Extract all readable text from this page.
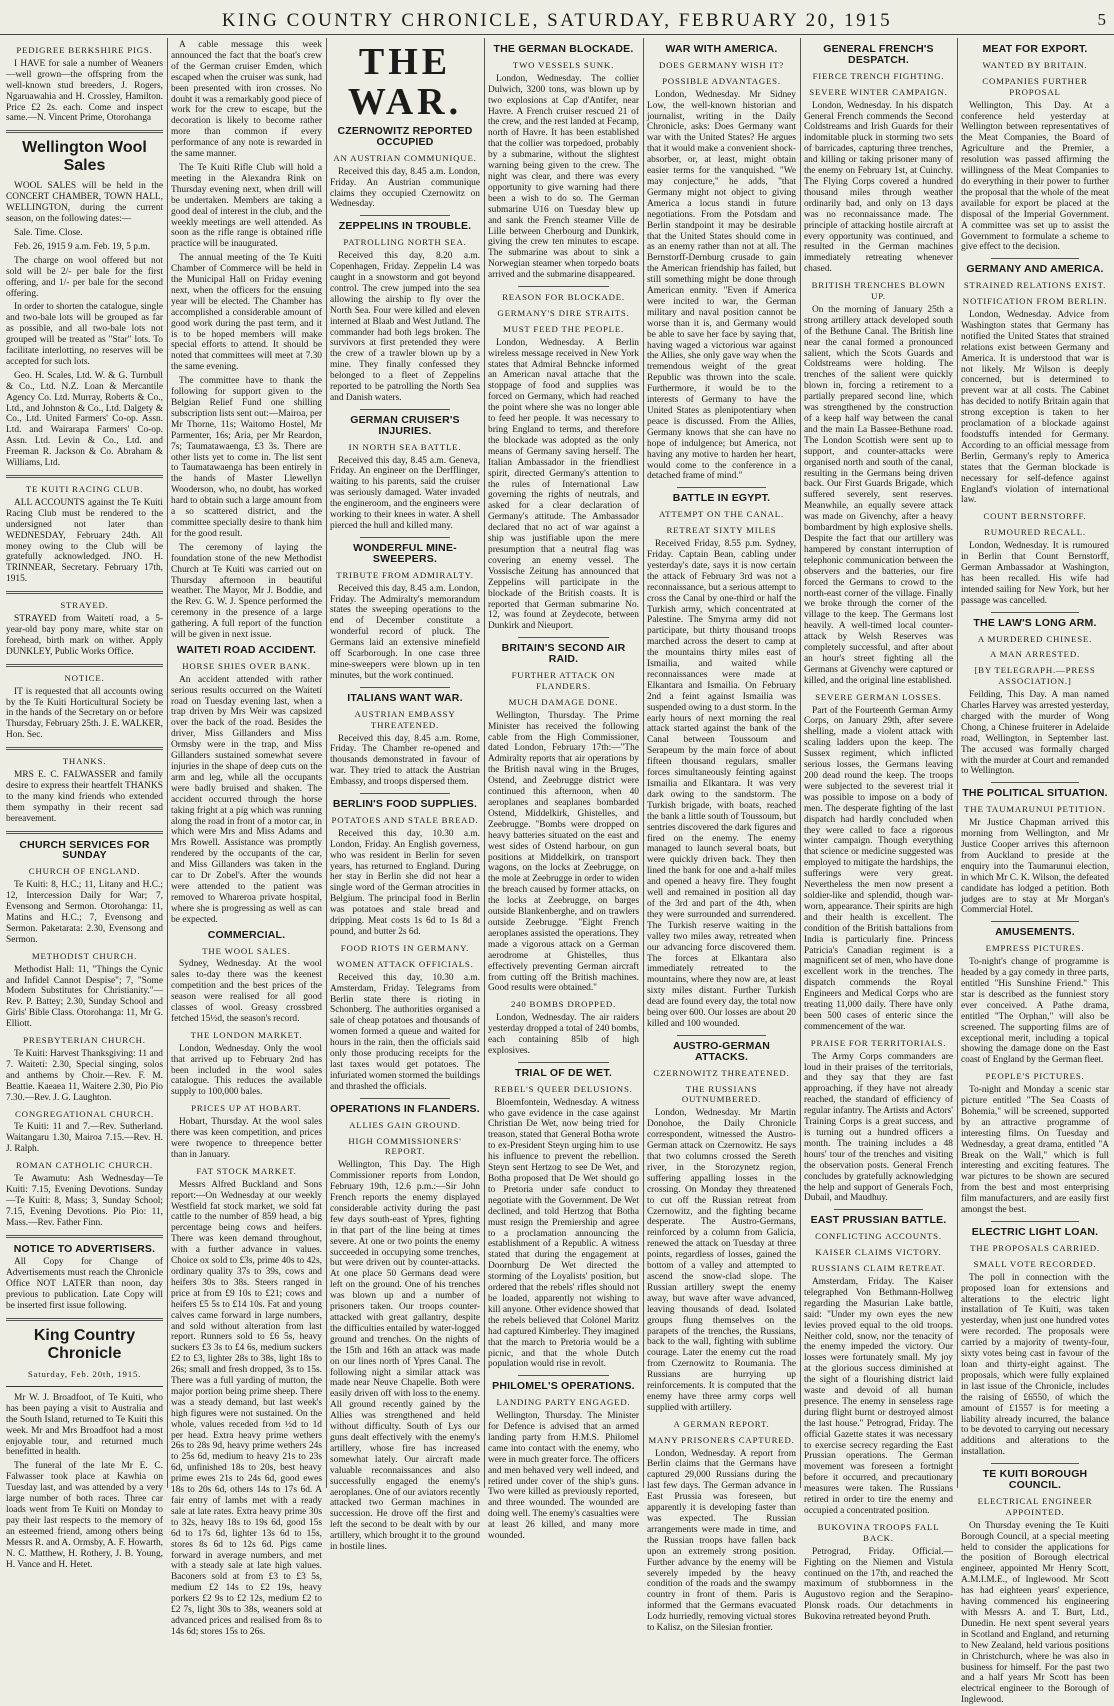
KING COUNTRY CHRONICLE, SATURDAY, FEBRUARY 20, 1915	5
PEDIGREE BERKSHIRE PIGS.
I HAVE for sale a number of Weaners—well grown—the offspring from the well-known stud breeders, J. Rogers, Ngaruawahia and H. Crossley, Hamilton. Price £2 2s. each. Come and inspect same.—N. Vincent Prime, Otorohanga
Wellington Wool Sales
WOOL SALES will be held in the CONCERT CHAMBER, TOWN HALL, WELLINGTON, during the current season, on the following dates:—
Sale. Time. Close.
Feb. 26, 1915 9 a.m. Feb. 19, 5 p.m.
The charge on wool offered but not sold will be 2/- per bale for the first offering, and 1/- per bale for the second offering.
In order to shorten the catalogue, single and two-bale lots will be grouped as far as possible, and all two-bale lots not grouped will be treated as "Star" lots. To facilitate interlotting, no reserves will be accepted for such lots.
Geo. H. Scales, Ltd. W. & G. Turnbull & Co., Ltd. N.Z. Loan & Mercantile Agency Co. Ltd. Murray, Roberts & Co., Ltd., and Johnston & Co., Ltd. Dalgety & Co., Ltd. United Farmers' Co-op. Assn. Ltd. and Wairarapa Farmers' Co-op. Assn. Ltd. Levin & Co., Ltd. and Freeman R. Jackson & Co. Abraham & Williams, Ltd.
TE KUITI RACING CLUB.
ALL ACCOUNTS against the Te Kuiti Racing Club must be rendered to the undersigned not later than WEDNESDAY, February 24th. All money owing to the Club will be gratefully acknowledged. JNO. H. TRINNEAR, Secretary. February 17th, 1915.
STRAYED.
STRAYED from Waitetí road, a 5-year-old bay pony mare, white star on forehead, birth mark on wither. Apply DUNKLEY, Public Works Office.
NOTICE.
IT is requested that all accounts owing by the Te Kuiti Horticultural Society be in the hands of the Secretary on or before Thursday, February 25th. J. E. WALKER, Hon. Sec.
THANKS.
MRS E. C. FALWASSER and family desire to express their heartfelt THANKS to the many kind friends who extended them sympathy in their recent sad bereavement.
CHURCH SERVICES FOR SUNDAY
CHURCH OF ENGLAND.
Te Kuiti: 8, H.C.; 11, Litany and H.C.; 12, Intercession Daily for War; 7, Evensong and Sermon. Otorohanga: 11, Matins and H.C.; 7, Evensong and Sermon. Paketarata: 2.30, Evensong and Sermon.
METHODIST CHURCH.
Methodist Hall: 11, "Things the Cynic and Infidel Cannot Despise"; 7, "Some Modern Substitutes for Christianity."—Rev. P. Battey; 2.30, Sunday School and Girls' Bible Class. Otorohanga: 11, Mr G. Elliott.
PRESBYTERIAN CHURCH.
Te Kuiti: Harvest Thanksgiving: 11 and 7. Waitetí: 2.30, Special singing, solos and anthems by Choir.—Rev. F. M. Beattie. Kaeaea 11, Waitere 2.30, Pio Pio 7.30.—Rev. J. G. Laughton.
CONGREGATIONAL CHURCH.
Te Kuiti: 11 and 7.—Rev. Sutherland. Waitangaru 1.30, Mairoa 7.15.—Rev. H. J. Ralph.
ROMAN CATHOLIC CHURCH.
Te Awamutu: Ash Wednesday—Te Kuiti: 7.15, Evening Devotions. Sunday—Te Kuiti: 8, Mass; 3, Sunday School; 7.15, Evening Devotions. Pio Pio: 11, Mass.—Rev. Father Finn.
NOTICE TO ADVERTISERS.
All Copy for Change of Advertisements must reach the Chronicle Office NOT LATER than noon, day previous to publication. Late Copy will be inserted first issue following.
King Country Chronicle
Saturday, Feb. 20th, 1915.
Mr W. J. Broadfoot, of Te Kuiti, who has been paying a visit to Australia and the South Island, returned to Te Kuiti this week. Mr and Mrs Broadfoot had a most enjoyable tour, and returned much benefitted in health.
The funeral of the late Mr E. C. Falwasser took place at Kawhia on Tuesday last, and was attended by a very large number of both races. Three car loads went from Te Kuiti on Monday to pay their last respects to the memory of an esteemed friend, among others being Messrs R. and A. Ormsby, A. F. Howarth, N. C. Matthew, H. Rothery, J. B. Young, H. Vance and H. Hetet.
A cable message this week announced the fact that the boat's crew of the German cruiser Emden, which escaped when the cruiser was sunk, had been presented with iron crosses. No doubt it was a remarkably good piece of work for the crew to escape, but the decoration is likely to become rather more than common if every performance of any note is rewarded in the same manner.
The Te Kuiti Rifle Club will hold a meeting in the Alexandra Rink on Thursday evening next, when drill will be undertaken. Members are taking a good deal of interest in the club, and the weekly meetings are well attended. As soon as the rifle range is obtained rifle practice will be inaugurated.
The annual meeting of the Te Kuiti Chamber of Commerce will be held in the Municipal Hall on Friday evening next, when the officers for the ensuing year will be elected. The Chamber has accomplished a considerable amount of good work during the past term, and it is to be hoped members will make special efforts to attend. It should be noted that committees will meet at 7.30 the same evening.
The committee have to thank the following for support given to the Belgian Relief Fund one shilling subscription lists sent out:—Mairoa, per Mr Thorne, 11s; Waitomo Hostel, Mr Parmenter, 16s; Aria, per Mr Reardon, 7s; Taumatawaenga, £3 3s. There are other lists yet to come in. The list sent to Taumatawaenga has been entirely in the hands of Master Llewellyn Wooderson, who, no doubt, has worked hard to obtain such a large amount from a so scattered district, and the committee specially desire to thank him for the good result.
The ceremony of laying the foundation stone of the new Methodist Church at Te Kuiti was carried out on Thursday afternoon in beautiful weather. The Mayor, Mr J. Boddie, and the Rev. G. W. J. Spence performed the ceremony in the presence of a large gathering. A full report of the function will be given in next issue.
WAITETI ROAD ACCIDENT.
HORSE SHIES OVER BANK.
An accident attended with rather serious results occurred on the Waitetí road on Tuesday evening last, when a trap driven by Mrs Weir was capsized over the back of the road. Besides the driver, Miss Gillanders and Miss Ormsby were in the trap, and Miss Gillanders sustained somewhat severe injuries in the shape of deep cuts on the arm and leg, while all the occupants were badly bruised and shaken. The accident occurred through the horse taking fright at a pig which was running along the road in front of a motor car, in which were Mrs and Miss Adams and Mrs Rowell. Assistance was promptly rendered by the occupants of the car, and Miss Gillanders was taken in the car to Dr Zobel's. After the wounds were attended to the patient was removed to Whareroa private hospital, where she is progressing as well as can be expected.
COMMERCIAL.
THE WOOL SALES.
Sydney, Wednesday. At the wool sales to-day there was the keenest competition and the best prices of the season were realised for all good classes of wool. Greasy crossbred fetched 15½d, the season's record.
THE LONDON MARKET.
London, Wednesday. Only the wool that arrived up to February 2nd has been included in the wool sales catalogue. This reduces the available supply to 100,000 bales.
PRICES UP AT HOBART.
Hobart, Thursday. At the wool sales there was keen competition, and prices were twopence to threepence better than in January.
FAT STOCK MARKET.
Messrs Alfred Buckland and Sons report:—On Wednesday at our weekly Westfield fat stock market, we sold fat cattle to the number of 859 head, a big percentage being cows and heifers. There was keen demand throughout, with a further advance in values. Choice ox sold to £3s, prime 40s to 42s, ordinary quality 37s to 39s, cows and heifers 30s to 38s. Steers ranged in price at from £9 10s to £21; cows and heifers £5 5s to £14 10s. Fat and young calves came forward in large numbers, and sold without alteration from last report. Runners sold to £6 5s, heavy suckers £3 3s to £4 6s, medium suckers £2 to £3, lighter 28s to 38s, light 18s to 26s; small and fresh dropped, 3s to 15s. There was a full yarding of mutton, the major portion being prime sheep. There was a steady demand, but last week's high figures were not sustained. On the whole, values receded from ½d to 1d per head. Extra heavy prime wethers 26s to 28s 9d, heavy prime wethers 24s to 25s 6d, medium to heavy 21s to 23s 6d, unfinished 18s to 20s, best heavy prime ewes 21s to 24s 6d, good ewes 18s to 20s 6d, others 14s to 17s 6d. A fair entry of lambs met with a ready sale at late rates. Extra heavy prime 30s to 32s, heavy 18s to 19s 6d, good 15s 6d to 17s 6d, lighter 13s 6d to 15s, stores 8s 6d to 12s 6d. Pigs came forward in average numbers, and met with a steady sale at late high values. Baconers sold at from £3 to £3 5s, medium £2 14s to £2 19s, heavy porkers £2 9s to £2 12s, medium £2 to £2 7s, light 30s to 38s, weaners sold at advanced prices and realised from 8s to 14s 6d; stores 15s to 26s.
THE WAR.
CZERNOWITZ REPORTED OCCUPIED
AN AUSTRIAN COMMUNIQUE.
Received this day, 8.45 a.m. London, Friday. An Austrian communique claims they occupied Czernowitz on Wednesday.
ZEPPELINS IN TROUBLE.
PATROLLING NORTH SEA.
Received this day, 8.20 a.m. Copenhagen, Friday. Zeppelin L4 was caught in a snowstorm and got beyond control. The crew jumped into the sea allowing the airship to fly over the North Sea. Four were killed and eleven interned at Blaab and West Jutland. The commander had both legs broken. The survivors at first pretended they were the crew of a trawler blown up by a mine. They finally confessed they belonged to a fleet of Zeppelins reported to be patrolling the North Sea and Danish waters.
GERMAN CRUISER'S INJURIES.
IN NORTH SEA BATTLE.
Received this day, 8.45 a.m. Geneva, Friday. An engineer on the Derfflinger, waiting to his parents, said the cruiser was seriously damaged. Water invaded the engineroom, and the engineers were working to their knees in water. A shell pierced the hull and killed many.
WONDERFUL MINE-SWEEPERS.
TRIBUTE FROM ADMIRALTY.
Received this day, 8.45 a.m. London, Friday. The Admiralty's memorandum states the sweeping operations to the end of December constitute a wonderful record of pluck. The Germans laid an extensive minefield off Scarborough. In one case three mine-sweepers were blown up in ten minutes, but the work continued.
ITALIANS WANT WAR.
AUSTRIAN EMBASSY THREATENED.
Received this day, 8.45 a.m. Rome, Friday. The Chamber re-opened and thousands demonstrated in favour of war. They tried to attack the Austrian Embassy, and troops dispersed them.
BERLIN'S FOOD SUPPLIES.
POTATOES AND STALE BREAD.
Received this day, 10.30 a.m. London, Friday. An English governess, who was resident in Berlin for seven years, has returned to England. During her stay in Berlin she did not hear a single word of the German atrocities in Belgium. The principal food in Berlin was potatoes and stale bread and dripping. Meat costs 1s 6d to 1s 8d a pound, and butter 2s 6d.
FOOD RIOTS IN GERMANY.
WOMEN ATTACK OFFICIALS.
Received this day, 10.30 a.m. Amsterdam, Friday. Telegrams from Berlin state there is rioting in Schonberg. The authorities organised a sale of cheap potatoes and thousands of women formed a queue and waited for hours in the rain, then the officials said only those producing receipts for the last taxes would get potatoes. The infuriated women stormed the buildings and thrashed the officials.
OPERATIONS IN FLANDERS.
ALLIES GAIN GROUND.
HIGH COMMISSIONERS' REPORT.
Wellington, This Day. The High Commissioner reports from London, February 19th, 12.6 p.m.:—Sir John French reports the enemy displayed considerable activity during the past few days south-east of Ypres, fighting in that part of the line being at times severe. At one or two points the enemy succeeded in occupying some trenches, but were driven out by counter-attacks. At one place 50 Germans dead were left on the ground. One of his trenches was blown up and a number of prisoners taken. Our troops counter-attacked with great gallantry, despite the difficulties entailed by water-logged ground and trenches. On the nights of the 15th and 16th an attack was made on our lines north of Ypres Canal. The following night a similar attack was made near Neuve Chapelle. Both were easily driven off with loss to the enemy. All ground recently gained by the Allies was strengthened and held without difficulty. South of Lys our guns dealt effectively with the enemy's artillery, whose fire has increased somewhat lately. Our aircraft made valuable reconnaissances and also successfully engaged the enemy's aeroplanes. One of our aviators recently attacked two German machines in succession. He drove off the first and left the second to be dealt with by our artillery, which brought it to the ground in hostile lines.
THE GERMAN BLOCKADE.
TWO VESSELS SUNK.
London, Wednesday. The collier Dulwich, 3200 tons, was blown up by two explosions at Cap d'Antifer, near Havre. A French cruiser rescued 21 of the crew, and the rest landed at Fecamp, north of Havre. It has been established that the collier was torpedoed, probably by a submarine, without the slightest warning being given to the crew. The night was clear, and there was every opportunity to give warning had there been a wish to do so. The German submarine U16 on Tuesday blew up and sank the French steamer Ville de Lille between Cherbourg and Dunkirk, giving the crew ten minutes to escape. The submarine was about to sink a Norwegian steamer when torpedo boats arrived and the submarine disappeared.
REASON FOR BLOCKADE.
GERMANY'S DIRE STRAITS.
MUST FEED THE PEOPLE.
London, Wednesday. A Berlin wireless message received in New York states that Admiral Behncke informed an American naval attache that the stoppage of food and supplies was forced on Germany, which had reached the point where she was no longer able to feed her people. It was necessary to bring England to terms, and therefore the blockade was adopted as the only means of Germany saving herself. The Italian Ambassador in the friendliest spirit, directed Germany's attention to the rules of International Law governing the rights of neutrals, and asked for a clear declaration of Germany's attitude. The Ambassador declared that no act of war against a ship was justifiable upon the mere presumption that a neutral flag was covering an enemy vessel. The Vossische Zeitung has announced that Zeppelins will participate in the blockade of the British coasts. It is reported that German submarine No. 12, was found at Zeydecote, between Dunkirk and Nieuport.
BRITAIN'S SECOND AIR RAID.
FURTHER ATTACK ON FLANDERS.
MUCH DAMAGE DONE.
Wellington, Thursday. The Prime Minister has received the following cable from the High Commissioner, dated London, February 17th:—"The Admiralty reports that air operations by the British naval wing in the Bruges, Ostend, and Zeebrugge district were continued this afternoon, when 40 aeroplanes and seaplanes bombarded Ostend, Middelkirk, Ghistelles, and Zeebrugge. "Bombs were dropped on heavy batteries situated on the east and west sides of Ostend harbour, on gun positions at Middelkirk, on transport wagons, on the locks at Zeebrugge, on the mole at Zeebrugge in order to widen the breach caused by former attacks, on the locks at Zeebrugge, on barges outside Blankenberghe, and on trawlers outside Zeebrugge. "Eight French aeroplanes assisted the operations. They made a vigorous attack on a German aerodrome at Ghistelles, thus effectively preventing German aircraft from cutting off the British machines. Good results were obtained."
240 BOMBS DROPPED.
London, Wednesday. The air raiders yesterday dropped a total of 240 bombs, each containing 85lb of high explosives.
TRIAL OF DE WET.
REBEL'S QUEER DELUSIONS.
Bloemfontein, Wednesday. A witness who gave evidence in the case against Christian De Wet, now being tried for treason, stated that General Botha wrote to ex-President Steyn urging him to use his influence to prevent the rebellion. Steyn sent Hertzog to see De Wet, and Botha proposed that De Wet should go to Pretoria under safe conduct to negotiate with the Government. De Wet declined, and told Hertzog that Botha must resign the Premiership and agree to a proclamation announcing the establishment of a Republic. A witness stated that during the engagement at Doornburg De Wet directed the storming of the Loyalists' position, but ordered that the rebels' rifles should not be loaded, apparently not wishing to kill anyone. Other evidence showed that the rebels believed that Colonel Maritz had captured Kimberley. They imagined that the march to Pretoria would be a picnic, and that the whole Dutch population would rise in revolt.
PHILOMEL'S OPERATIONS.
LANDING PARTY ENGAGED.
Wellington, Thursday. The Minister for Defence is advised that an armed landing party from H.M.S. Philomel came into contact with the enemy, who were in much greater force. The officers and men behaved very well indeed, and retired under cover of the ship's guns. Two were killed as previously reported, and three wounded. The wounded are doing well. The enemy's casualties were at least 26 killed, and many more wounded.
WAR WITH AMERICA.
DOES GERMANY WISH IT?
POSSIBLE ADVANTAGES.
London, Wednesday. Mr Sidney Low, the well-known historian and journalist, writing in the Daily Chronicle, asks: Does Germany want war with the United States? He argues that it would make a convenient shock-absorber, or, at least, might obtain easier terms for the vanquished. "We may conjecture," he adds, "that Germany might not object to giving America a locus standi in future negotiations. From the Potsdam and Berlin standpoint it may be desirable that the United States should come in as an enemy rather than not at all. The Bernstorff-Dernburg crusade to gain the American friendship has failed, but still something might be done through American enmity. "Even if America were incited to war, the German military and naval position cannot be worse than it is, and Germany would be able to save her face by saying that, having waged a victorious war against the Allies, she only gave way when the tremendous weight of the great Republic was thrown into the scale. Furthermore, it would be to the interests of Germany to have the United States as plenipotentiary when peace is discussed. From the Allies, Germany knows that she can have no hope of indulgence; but America, not having any motive to harden her heart, would come to the conference in a detached frame of mind."
BATTLE IN EGYPT.
ATTEMPT ON THE CANAL.
RETREAT SIXTY MILES
Received Friday, 8.55 p.m. Sydney, Friday. Captain Bean, cabling under yesterday's date, says it is now certain the attack of February 3rd was not a reconnaissance, but a serious attempt to cross the Canal by one-third or half the Turkish army, which concentrated at Palestine. The Smyrna army did not participate, but thirty thousand troops marched across the desert to camp at the mountains thirty miles east of Ismailia, and waited while reconnaissances were made at Elkantara and Ismailia. On February 2nd a feint against Ismailia was suspended owing to a dust storm. In the early hours of next morning the real attack started against the bank of the Canal between Toussoum and Serapeum by the main force of about fifteen thousand regulars, smaller forces simultaneously feinting against Ismailia and Elkantara. It was very dark owing to the sandstorm. The Turkish brigade, with boats, reached the bank a little south of Toussoum, but sentries discovered the dark figures and fired on the enemy. The enemy managed to launch several boats, but were quickly driven back. They then lined the bank for one and a-half miles and opened a heavy fire. They fought well and remained in position all day of the 3rd and part of the 4th, when they were surrounded and surrendered. The Turkish reserve waiting in the valley two miles away, retreated when our advancing force discovered them. The forces at Elkantara also immediately retreated to the mountains, where they now are, at least sixty miles distant. Further Turkish dead are found every day, the total now being over 600. Our losses are about 20 killed and 100 wounded.
AUSTRO-GERMAN ATTACKS.
CZERNOWITZ THREATENED.
THE RUSSIANS OUTNUMBERED.
London, Wednesday. Mr Martin Donohoe, the Daily Chronicle correspondent, witnessed the Austro-German attack on Czernowitz. He says that two columns crossed the Sereth river, in the Storozynetz region, suffering appalling losses in the crossing. On Monday they threatened to cut off the Russian retreat from Czernowitz, and the fighting became desperate. The Austro-Germans, reinforced by a column from Galicia, renewed the attack on Tuesday at three points, regardless of losses, gained the bottom of a valley and attempted to ascend the snow-clad slope. The Russian artillery swept the enemy away, but wave after wave advanced, leaving thousands of dead. Isolated groups flung themselves on the parapets of the trenches, the Russians, back to the wall, fighting with sublime courage. Later the enemy cut the road from Czernowitz to Roumania. The Russians are hurrying up reinforcements. It is computed that the enemy have three army corps well supplied with artillery.
A GERMAN REPORT.
MANY PRISONERS CAPTURED.
London, Wednesday. A report from Berlin claims that the Germans have captured 29,000 Russians during the last few days. The German advance in East Prussia was foreseen, but apparently it is developing faster than was expected. The Russian arrangements were made in time, and the Russian troops have fallen back upon an extremely strong position. Further advance by the enemy will be severely impeded by the heavy condition of the roads and the swampy country in front of them. Paris is informed that the Germans evacuated Lodz hurriedly, removing victual stores to Kalisz, on the Silesian frontier.
GENERAL FRENCH'S DESPATCH.
FIERCE TRENCH FIGHTING.
SEVERE WINTER CAMPAIGN.
London, Wednesday. In his dispatch General French commends the Second Coldstreams and Irish Guards for their indomitable pluck in storming two sets of barricades, capturing three trenches, and killing or taking prisoner many of the enemy on February 1st, at Cuinchy. The Flying Corps covered a hundred thousand miles through weather ordinarily bad, and only on 13 days was no reconnaissance made. The principle of attacking hostile aircraft at every opportunity was continued, and resulted in the German machines immediately retreating whenever chased.
BRITISH TRENCHES BLOWN UP.
On the morning of January 25th a strong artillery attack developed south of the Bethune Canal. The British line near the canal formed a pronounced salient, which the Scots Guards and Coldstreams were holding. The trenches of the salient were quickly blown in, forcing a retirement to a partially prepared second line, which was strengthened by the construction of a keep half way between the canal and the main La Bassee-Bethune road. The London Scottish were sent up to support, and counter-attacks were organised north and south of the canal, resulting in the Germans being driven back. Our First Guards Brigade, which suffered severely, sent reserves. Meanwhile, an equally severe attack was made on Givenchy, after a heavy bombardment by high explosive shells. Despite the fact that our artillery was hampered by constant interruption of telephonic communication between the observers and the batteries, our fire forced the Germans to crowd to the north-east corner of the village. Finally we broke through the corner of the village to the keep. The Germans lost heavily. A well-timed local counter-attack by Welsh Reserves was completely successful, and after about an hour's street fighting all the Germans at Givenchy were captured or killed, and the original line established.
SEVERE GERMAN LOSSES.
Part of the Fourteenth German Army Corps, on January 29th, after severe shelling, made a violent attack with scaling ladders upon the keep. The Sussex regiment, which inflicted serious losses, the Germans leaving 200 dead round the keep. The troops were subjected to the severest trial it was possible to impose on a body of men. The desperate fighting of the last dispatch had hardly concluded when they were called to face a rigorous winter campaign. Though everything that science or medicine suggested was employed to mitigate the hardships, the sufferings were very great. Nevertheless the men now present a soldier-like and splendid, though war-worn, appearance. Their spirits are high and their health is excellent. The condition of the British battalions from India is particularly fine. Princess Patricia's Canadian regiment is a magnificent set of men, who have done excellent work in the trenches. The dispatch commends the Royal Engineers and Medical Corps who are treating 11,000 daily. There have only been 500 cases of enteric since the commencement of the war.
PRAISE FOR TERRITORIALS.
The Army Corps commanders are loud in their praises of the territorials, and they say that they are fast approaching, if they have not already reached, the standard of efficiency of regular infantry. The Artists and Actors' Training Corps is a great success, and is turning out a hundred officers a month. The training includes a 48 hours' tour of the trenches and visiting the observation posts. General French concludes by gratefully acknowledging the help and support of Generals Foch, Dubail, and Maudhuy.
EAST PRUSSIAN BATTLE.
CONFLICTING ACCOUNTS.
KAISER CLAIMS VICTORY.
RUSSIANS CLAIM RETREAT.
Amsterdam, Friday. The Kaiser telegraphed Von Bethmann-Hollweg regarding the Masurian Lake battle, said: "Under my own eyes the new levies proved equal to the old troops. Neither cold, snow, nor the tenacity of the enemy impeded the victory. Our losses were fortunately small. My joy at the glorious success diminished at the sight of a flourishing district laid waste and devoid of all human presence. The enemy in senseless rage during flight burnt or destroyed almost the last house." Petrograd, Friday. The official Gazette states it was necessary to exercise secrecy regarding the East Prussian operations. The German movement was foreseen a fortnight before it occurred, and precautionary measures were taken. The Russians retired in order to tire the enemy and occupied a concentrated position.
BUKOVINA TROOPS FALL BACK.
Petrograd, Friday. Official.—Fighting on the Niemen and Vistula continued on the 17th, and reached the maximum of stubbornness in the Augustovo region and the Serapino-Plonsk roads. Our detachments in Bukovina retreated beyond Pruth.
MEAT FOR EXPORT.
WANTED BY BRITAIN.
COMPANIES FURTHER PROPOSAL
Wellington, This Day. At a conference held yesterday at Wellington between representatives of the Meat Companies, the Board of Agriculture and the Premier, a resolution was passed affirming the willingness of the Meat Companies to do everything in their power to further the proposal that the whole of the meat available for export be placed at the disposal of the Imperial Government. A committee was set up to assist the Government to formulate a scheme to give effect to the decision.
GERMANY AND AMERICA.
STRAINED RELATIONS EXIST.
NOTIFICATION FROM BERLIN.
London, Wednesday. Advice from Washington states that Germany has notified the United States that strained relations exist between Germany and America. It is understood that war is not likely. Mr Wilson is deeply concerned, but is determined to prevent war at all costs. The Cabinet has decided to notify Britain again that strong exception is taken to her proclamation of a blockade against foodstuffs intended for Germany. According to an official message from Berlin, Germany's reply to America states that the German blockade is necessary for self-defence against England's violation of international law.
COUNT BERNSTORFF.
RUMOURED RECALL.
London, Wednesday. It is rumoured in Berlin that Count Bernstorff, German Ambassador at Washington, has been recalled. His wife had intended sailing for New York, but her passage was cancelled.
THE LAW'S LONG ARM.
A MURDERED CHINESE.
A MAN ARRESTED.
[BY TELEGRAPH.—PRESS ASSOCIATION.]
Feilding, This Day. A man named Charles Harvey was arrested yesterday, charged with the murder of Wong Chong, a Chinese fruiterer in Adelaide road, Wellington, in September last. The accused was formally charged with the murder at Court and remanded to Wellington.
THE POLITICAL SITUATION.
THE TAUMARUNUI PETITION.
Mr Justice Chapman arrived this morning from Wellington, and Mr Justice Cooper arrives this afternoon from Auckland to preside at the enquiry into the Taumarunui election, in which Mr C. K. Wilson, the defeated candidate has lodged a petition. Both judges are to stay at Mr Morgan's Commercial Hotel.
AMUSEMENTS.
EMPRESS PICTURES.
To-night's change of programme is headed by a gay comedy in three parts, entitled "His Sunshine Friend." This star is described as the funniest story ever conceived. A Pathe drama, entitled "The Orphan," will also be screened. The supporting films are of exceptional merit, including a topical showing the damage done on the East coast of England by the German fleet.
PEOPLE'S PICTURES.
To-night and Monday a scenic star picture entitled "The Sea Coasts of Bohemia," will be screened, supported by an attractive programme of interesting films. On Tuesday and Wednesday, a great drama, entitled "A Break on the Wall," which is full interesting and exciting features. The war pictures to be shown are secured from the best and most enterprising film manufacturers, and are easily first amongst the best.
ELECTRIC LIGHT LOAN.
THE PROPOSALS CARRIED.
SMALL VOTE RECORDED.
The poll in connection with the proposed loan for extensions and alterations to the electric light installation of Te Kuiti, was taken yesterday, when just one hundred votes were recorded. The proposals were carried by a majority of twenty-four, sixty votes being cast in favour of the loan and thirty-eight against. The proposals, which were fully explained in last issue of the Chronicle, includes the raising of £6550, of which the amount of £1557 is for meeting a liability already incurred, the balance to be devoted to carrying out necessary additions and alterations to the installation.
TE KUITI BOROUGH COUNCIL.
ELECTRICAL ENGINEER APPOINTED.
On Thursday evening the Te Kuiti Borough Council, at a special meeting held to consider the applications for the position of Borough electrical engineer, appointed Mr Henry Scott, A.M.I.M.E., of Inglewood. Mr Scott has had eighteen years' experience, having commenced his engineering with Messrs A. and T. Burt, Ltd., Dunedin. He next spent several years in Scotland and England, and returning to New Zealand, held various positions in Christchurch, where he was also in business for himself. For the past two and a half years Mr Scott has been electrical engineer to the Borough of Inglewood.
